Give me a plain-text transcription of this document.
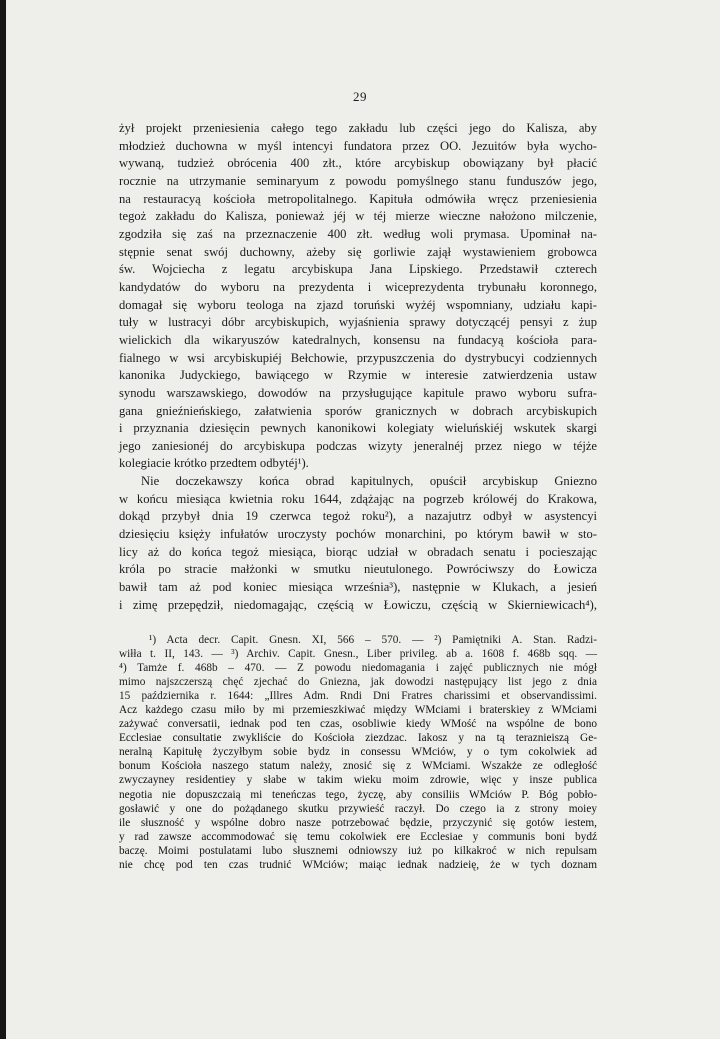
29
żył projekt przeniesienia całego tego zakładu lub części jego do Kalisza, aby
młodzież duchowna w myśl intencyi fundatora przez OO. Jezuitów była wycho-
wywaną, tudzież obrócenia 400 złt., które arcybiskup obowiązany był płacić
rocznie na utrzymanie seminaryum z powodu pomyślnego stanu funduszów jego,
na restauracyą kościoła metropolitalnego. Kapituła odmówiła wręcz przeniesienia
tegoż zakładu do Kalisza, ponieważ jéj w téj mierze wieczne nałożono milczenie,
zgodziła się zaś na przeznaczenie 400 złt. według woli prymasa. Upominał na-
stępnie senat swój duchowny, ażeby się gorliwie zajął wystawieniem grobowca
św. Wojciecha z legatu arcybiskupa Jana Lipskiego. Przedstawił czterech
kandydatów do wyboru na prezydenta i wiceprezydenta trybunału koronnego,
domagał się wyboru teologa na zjazd toruński wyżéj wspomniany, udziału kapi-
tuły w lustracyi dóbr arcybiskupich, wyjaśnienia sprawy dotyczącéj pensyi z żup
wielickich dla wikaryuszów katedralnych, konsensu na fundacyą kościoła para-
fialnego w wsi arcybiskupiéj Bełchowie, przypuszczenia do dystrybucyi codziennych
kanonika Judyckiego, bawiącego w Rzymie w interesie zatwierdzenia ustaw
synodu warszawskiego, dowodów na przysługujące kapitule prawo wyboru sufra-
gana gnieźnieńskiego, załatwienia sporów granicznych w dobrach arcybiskupich
i przyznania dziesięcin pewnych kanonikowi kolegiaty wieluńskiéj wskutek skargi
jego zaniesionéj do arcybiskupa podczas wizyty jeneralnéj przez niego w téjże
kolegiacie krótko przedtem odbytéj¹).
Nie doczekawszy końca obrad kapitulnych, opuścił arcybiskup Gniezno
w końcu miesiąca kwietnia roku 1644, zdążając na pogrzeb królowéj do Krakowa,
dokąd przybył dnia 19 czerwca tegoż roku²), a nazajutrz odbył w asystencyi
dziesięciu księży infułatów uroczysty pochów monarchini, po którym bawił w sto-
licy aż do końca tegoż miesiąca, biorąc udział w obradach senatu i pocieszając
króla po stracie małżonki w smutku nieutulonego. Powróciwszy do Łowicza
bawił tam aż pod koniec miesiąca września³), następnie w Klukach, a jesień
i zimę przepędził, niedomagając, częścią w Łowiczu, częścią w Skierniewicach⁴),
¹) Acta decr. Capit. Gnesn. XI, 566 – 570. — ²) Pamiętniki A. Stan. Radzi-
wiłła t. II, 143. — ³) Archiv. Capit. Gnesn., Liber privileg. ab a. 1608 f. 468b sqq. —
⁴) Tamże f. 468b – 470. — Z powodu niedomagania i zajęć publicznych nie mógł
mimo najszczerszą chęć zjechać do Gniezna, jak dowodzi następujący list jego z dnia
15 października r. 1644: „Illres Adm. Rndi Dni Fratres charissimi et observandissimi.
Acz każdego czasu miło by mi przemieszkiwać między WMciami i braterskiey z WMciami
zażywać conversatii, iednak pod ten czas, osobliwie kiedy WMość na wspólne de bono
Ecclesiae consultatie zwykliście do Kościoła ziezdzac. Iakosz y na tą teraznieiszą Ge-
neralną Kapitułę życzyłbym sobie bydz in consessu WMciów, y o tym cokolwiek ad
bonum Kościoła naszego statum należy, znosić się z WMciami. Wszakże ze odległość
zwyczayney residentiey y słabe w takim wieku moim zdrowie, więc y insze publica
negotia nie dopuszczaią mi teneńczas tego, życzę, aby consiliis WMciów P. Bóg pobło-
gosławić y one do pożądanego skutku przywieść raczył. Do czego ia z strony moiey
ile słuszność y wspólne dobro nasze potrzebować będzie, przyczynić się gotów iestem,
y rad zawsze accommodować się temu cokolwiek ere Ecclesiae y communis boni bydź
baczę. Moimi postulatami lubo słusznemi odniowszy iuż po kilkakroć w nich repulsam
nie chcę pod ten czas trudnić WMciów; maiąc iednak nadzieię, że w tych doznam
